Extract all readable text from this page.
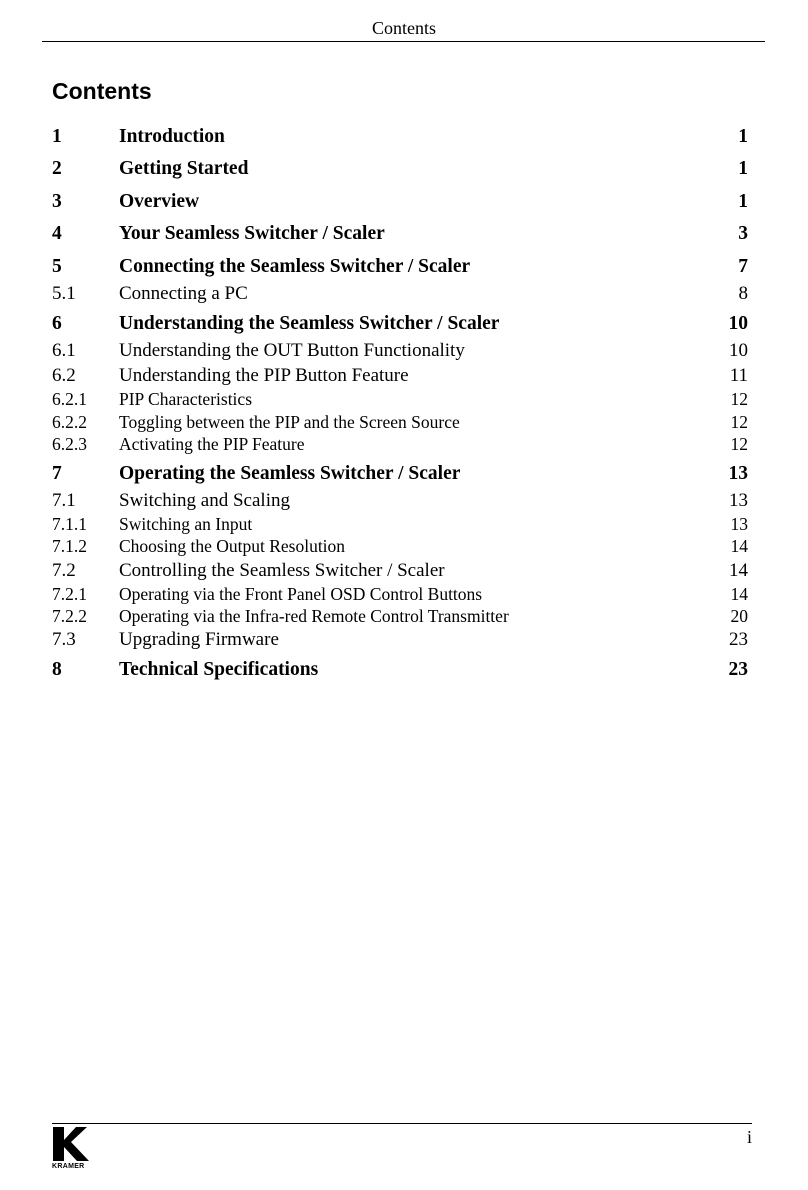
Contents
Contents
1	Introduction	1
2	Getting Started	1
3	Overview	1
4	Your Seamless Switcher / Scaler	3
5	Connecting the Seamless Switcher / Scaler	7
5.1	Connecting a PC	8
6	Understanding the Seamless Switcher / Scaler	10
6.1	Understanding the OUT Button Functionality	10
6.2	Understanding the PIP Button Feature	11
6.2.1	PIP Characteristics	12
6.2.2	Toggling between the PIP and the Screen Source	12
6.2.3	Activating the PIP Feature	12
7	Operating the Seamless Switcher / Scaler	13
7.1	Switching and Scaling	13
7.1.1	Switching an Input	13
7.1.2	Choosing the Output Resolution	14
7.2	Controlling the Seamless Switcher / Scaler	14
7.2.1	Operating via the Front Panel OSD Control Buttons	14
7.2.2	Operating via the Infra-red Remote Control Transmitter	20
7.3	Upgrading Firmware	23
8	Technical Specifications	23
KRAMER
i
